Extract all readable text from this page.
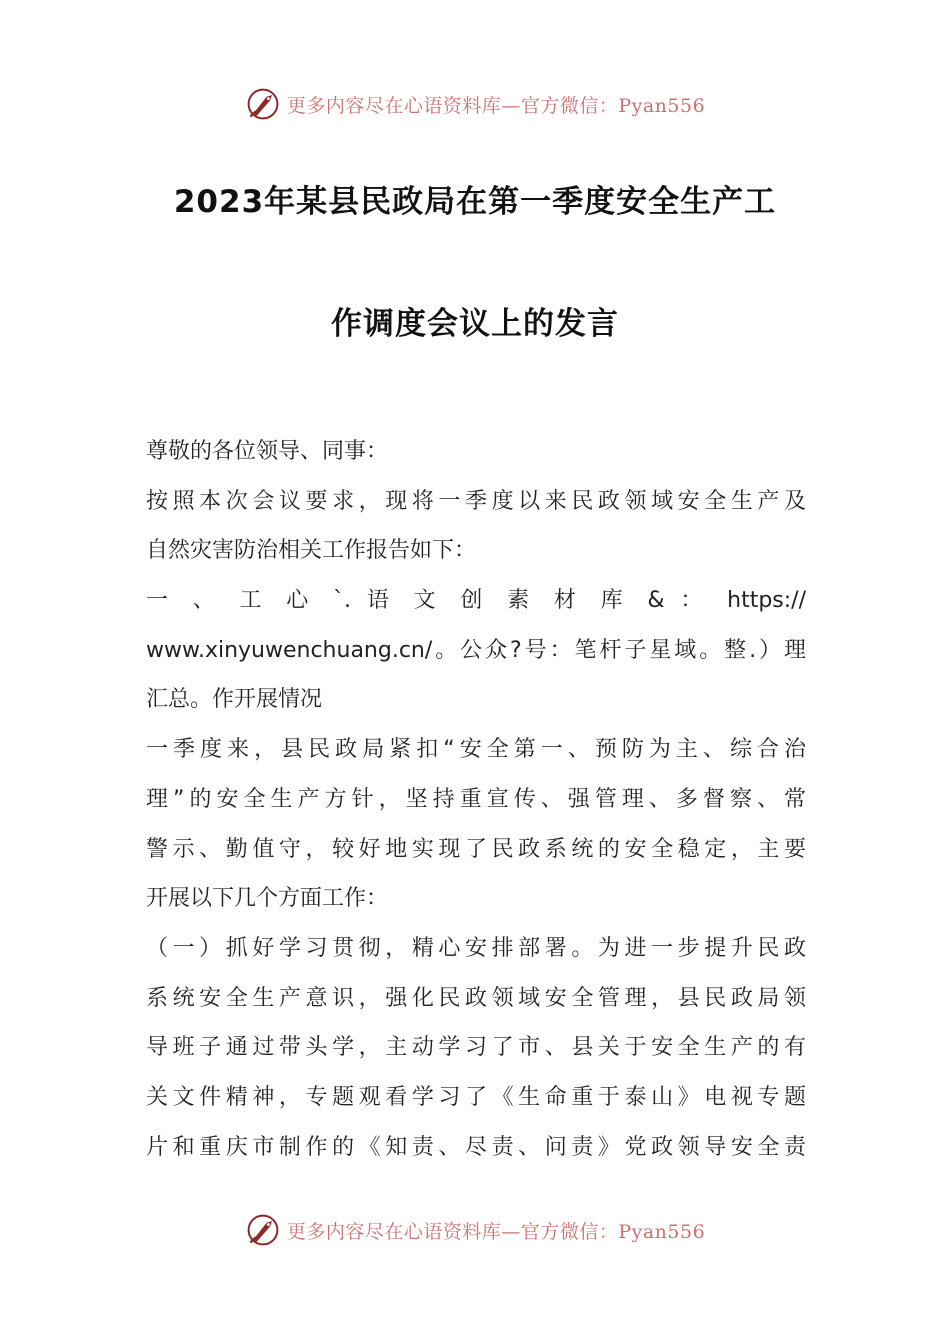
更多内容尽在心语资料库—官方微信：Pyan556
2023年某县民政局在第一季度安全生产工
作调度会议上的发言
尊敬的各位领导、同事：
按照本次会议要求，现将一季度以来民政领域安全生产及
自然灾害防治相关工作报告如下：
一 、 工 心 `. 语 文 创 素 材 库 & ： https://
www.xinyuwenchuang.cn/。公众?号：笔杆子星域。整.）理
汇总。作开展情况
一季度来，县民政局紧扣“安全第一、预防为主、综合治
理”的安全生产方针，坚持重宣传、强管理、多督察、常
警示、勤值守，较好地实现了民政系统的安全稳定，主要
开展以下几个方面工作：
（一）抓好学习贯彻，精心安排部署。为进一步提升民政
系统安全生产意识，强化民政领域安全管理，县民政局领
导班子通过带头学，主动学习了市、县关于安全生产的有
关文件精神，专题观看学习了《生命重于泰山》电视专题
片和重庆市制作的《知责、尽责、问责》党政领导安全责
更多内容尽在心语资料库—官方微信：Pyan556
